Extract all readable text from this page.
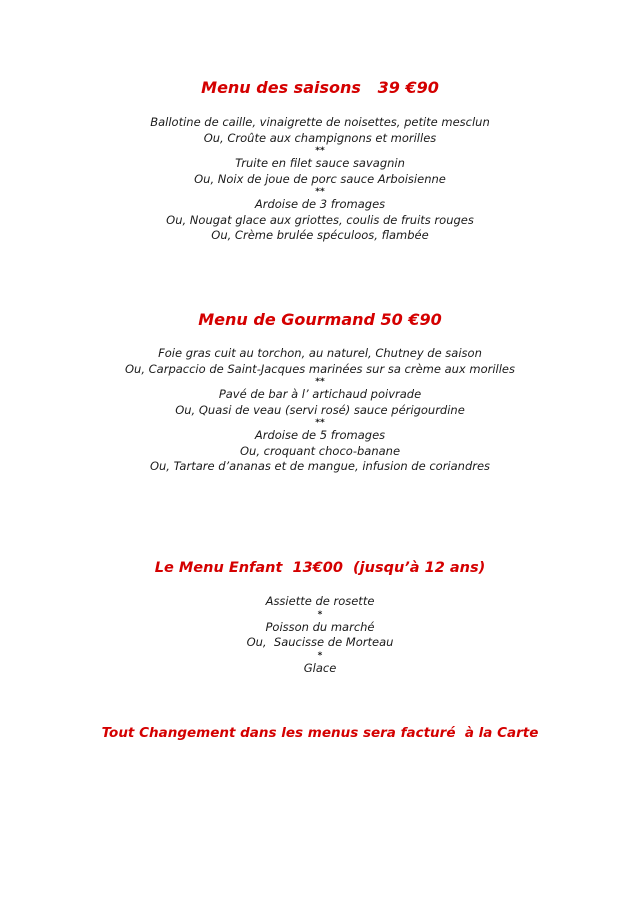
Menu des saisons   39 €90
Ballotine de caille, vinaigrette de noisettes, petite mesclun
Ou, Croûte aux champignons et morilles
**
Truite en filet sauce savagnin
Ou, Noix de joue de porc sauce Arboisienne
**
Ardoise de 3 fromages
Ou, Nougat glace aux griottes, coulis de fruits rouges
Ou, Crème brulée spéculoos, flambée
Menu de Gourmand 50 €90
Foie gras cuit au torchon, au naturel, Chutney de saison
Ou, Carpaccio de Saint-Jacques marinées sur sa crème aux morilles
**
Pavé de bar à l’ artichaud poivrade
Ou, Quasi de veau (servi rosé) sauce périgourdine
**
Ardoise de 5 fromages
Ou, croquant choco-banane
Ou, Tartare d’ananas et de mangue, infusion de coriandres
Le Menu Enfant  13€00  (jusqu’à 12 ans)
Assiette de rosette
*
Poisson du marché
Ou,  Saucisse de Morteau
*
Glace
Tout Changement dans les menus sera facturé  à la Carte
